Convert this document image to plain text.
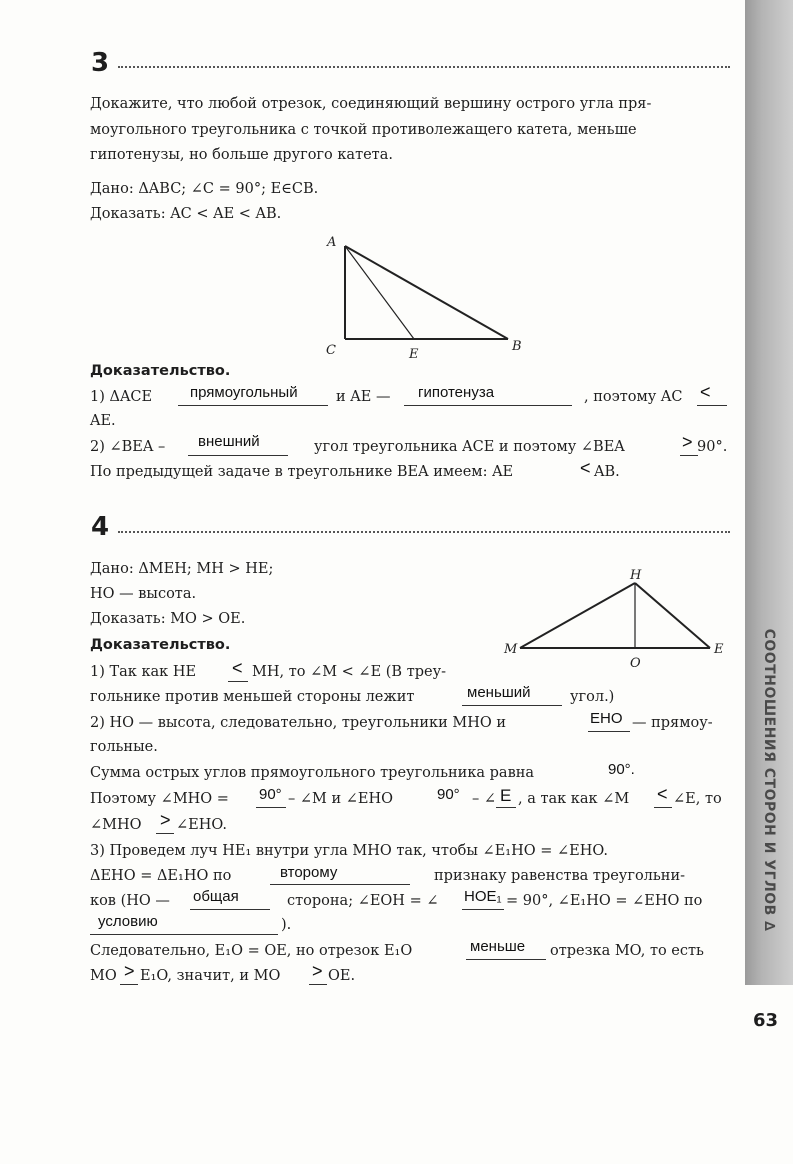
СООТНОШЕНИЯ СТОРОН И УГЛОВ ∆
3
Докажите, что любой отрезок, соединяющий вершину острого угла пря-
моугольного треугольника с точкой противолежащего катета, меньше
гипотенузы, но больше другого катета.
Дано: ΔABC; ∠C = 90°; E∈CB.
Доказать: AC < AE < AB.
A
C	E
B
Доказательство.
1) ΔACE	прямоугольный	и AE — гипотенуза	, поэтому AC <
AE.
2) ∠BEA – внешний	угол треугольника ACE и поэтому ∠BEA	> 90°.
По предыдущей задаче в треугольнике BEA имеем: AE	< AB.
4
Дано: ΔMEH; MH > HE;
HO — высота.
Доказать: MO > OE.
H
M	E
O
Доказательство.
1) Так как HE < MH, то ∠M < ∠E (В треу-
гольнике против меньшей стороны лежит	меньший	угол.)
2) HO — высота, следовательно, треугольники MHO и	EHO — прямоу-
гольные.
Сумма острых углов прямоугольного треугольника равна	90°.
Поэтому ∠MHO = 90° – ∠M и ∠EHO	90° – ∠ E , а так как ∠M < ∠E, то
∠MHO > ∠EHO.
3) Проведем луч HE₁ внутри угла MHO так, чтобы ∠E₁HO = ∠EHO.
ΔEHO = ΔE₁HO по	второму	признаку равенства треугольни-
ков (HO — общая	сторона; ∠EOH = ∠ HOE₁ = 90°, ∠E₁HO = ∠EHO по
условию	).
Следовательно, E₁O = OE, но отрезок E₁O	меньше отрезка MO, то есть
MO > E₁O, значит, и MO > OE.
63
